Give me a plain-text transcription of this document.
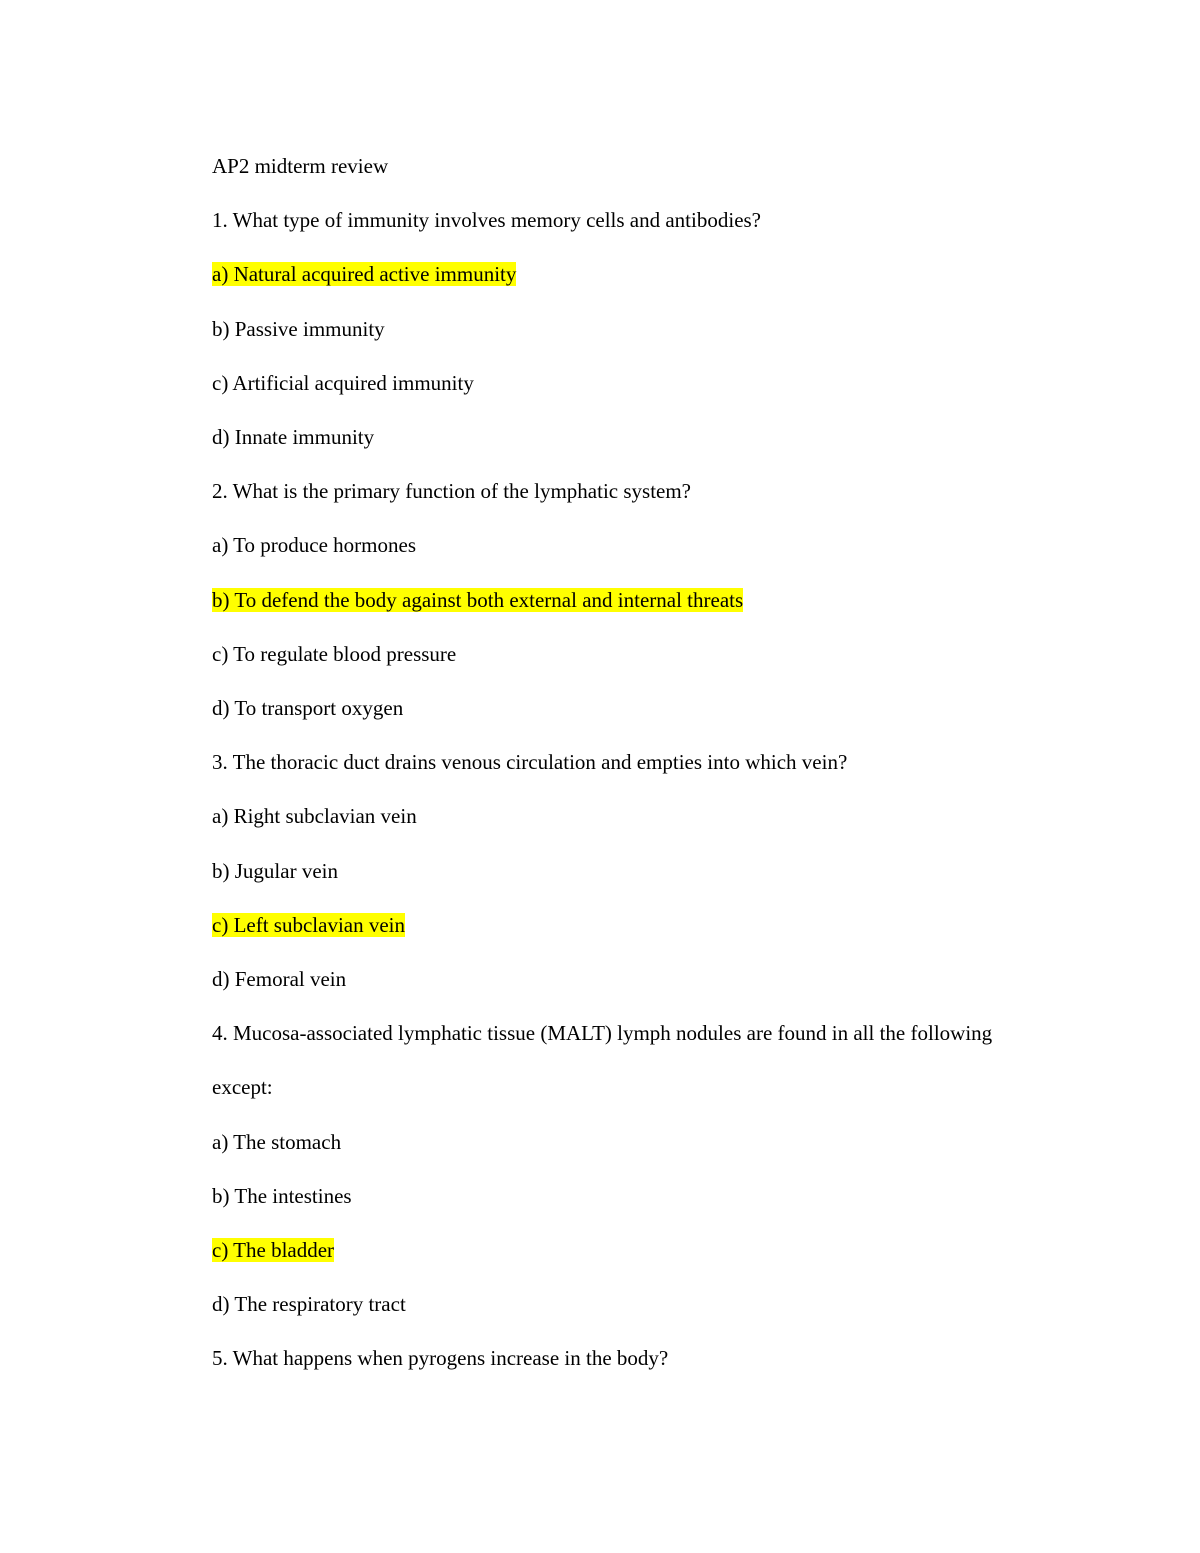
AP2 midterm review

1. What type of immunity involves memory cells and antibodies?

a) Natural acquired active immunity

b) Passive immunity

c) Artificial acquired immunity

d) Innate immunity

2. What is the primary function of the lymphatic system?

a) To produce hormones

b) To defend the body against both external and internal threats

c) To regulate blood pressure

d) To transport oxygen

3. The thoracic duct drains venous circulation and empties into which vein?

a) Right subclavian vein

b) Jugular vein

c) Left subclavian vein

d) Femoral vein

4. Mucosa-associated lymphatic tissue (MALT) lymph nodules are found in all the following except:

a) The stomach

b) The intestines

c) The bladder

d) The respiratory tract

5. What happens when pyrogens increase in the body?
